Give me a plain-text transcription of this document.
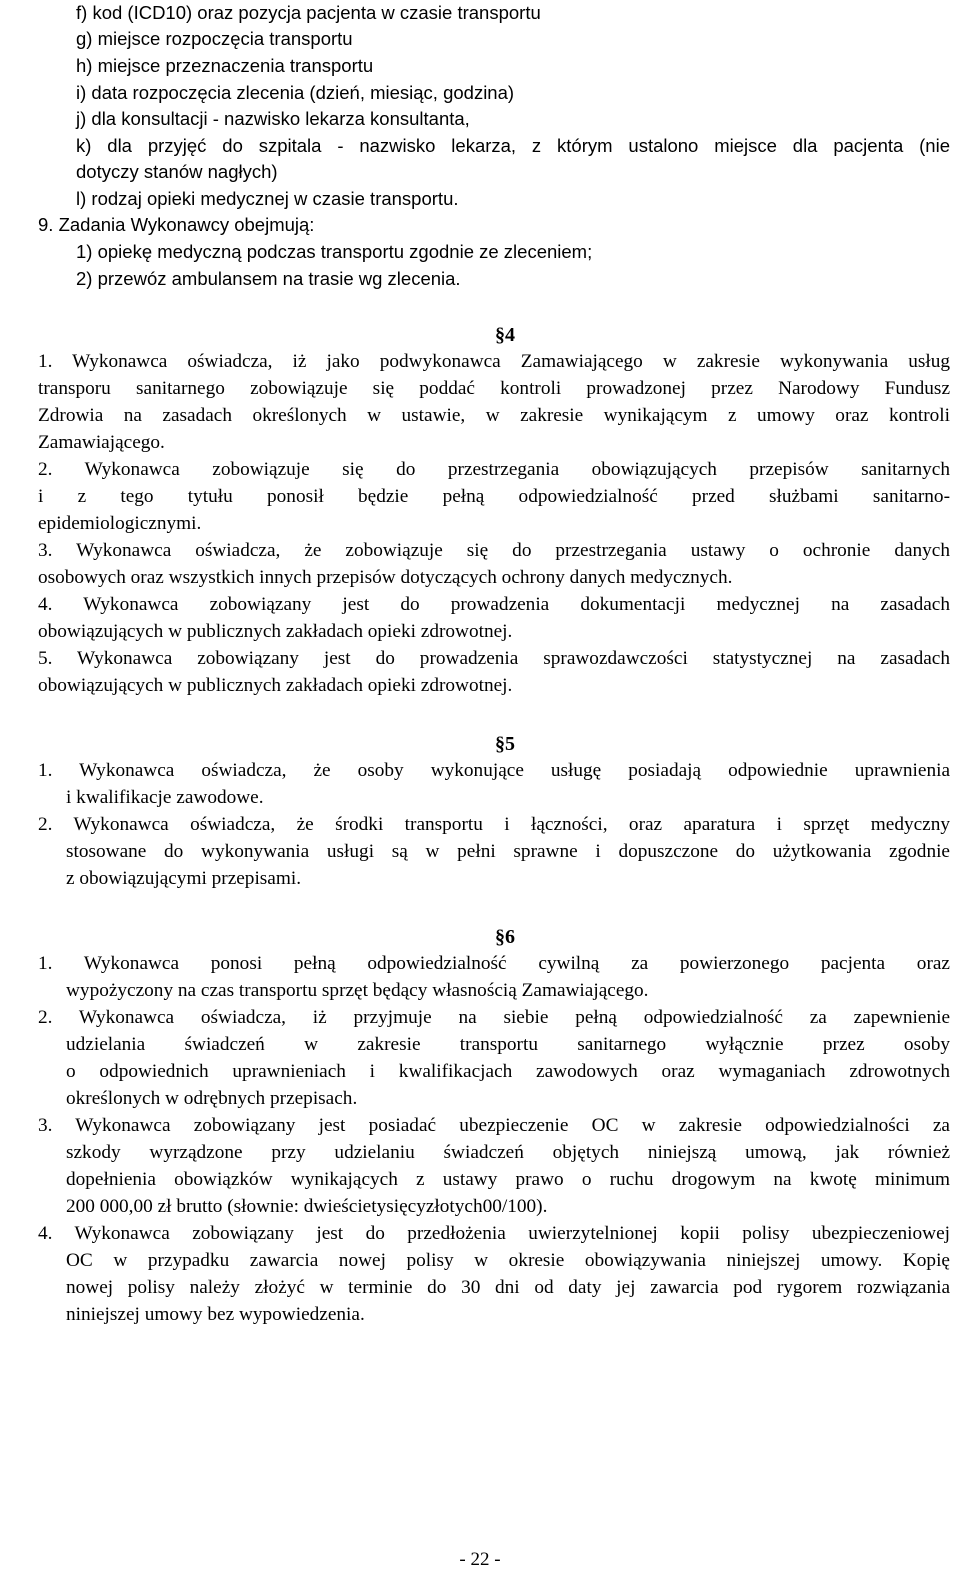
f) kod (ICD10) oraz pozycja pacjenta w czasie transportu
g) miejsce rozpoczęcia transportu
h) miejsce przeznaczenia transportu
i) data rozpoczęcia zlecenia (dzień, miesiąc, godzina)
j) dla konsultacji - nazwisko lekarza konsultanta,
k) dla przyjęć do szpitala - nazwisko lekarza, z którym ustalono miejsce dla pacjenta (nie
dotyczy stanów nagłych)
l) rodzaj opieki medycznej w czasie transportu.
9. Zadania Wykonawcy obejmują:
1) opiekę medyczną podczas transportu zgodnie ze zleceniem;
2) przewóz ambulansem na trasie wg zlecenia.
§4
1. Wykonawca oświadcza, iż jako podwykonawca Zamawiającego w zakresie wykonywania usług
transporu sanitarnego zobowiązuje się poddać kontroli prowadzonej przez Narodowy Fundusz
Zdrowia na zasadach określonych w ustawie, w zakresie wynikającym z umowy oraz kontroli
Zamawiającego.
2. Wykonawca zobowiązuje się do przestrzegania obowiązujących przepisów sanitarnych
i z tego tytułu ponosił będzie pełną odpowiedzialność przed służbami sanitarno-
epidemiologicznymi.
3. Wykonawca oświadcza, że zobowiązuje się do przestrzegania ustawy o ochronie danych
osobowych oraz wszystkich innych przepisów dotyczących ochrony danych medycznych.
4. Wykonawca zobowiązany jest do prowadzenia dokumentacji medycznej na zasadach
obowiązujących w publicznych zakładach opieki zdrowotnej.
5. Wykonawca zobowiązany jest do prowadzenia sprawozdawczości statystycznej na zasadach
obowiązujących w publicznych zakładach opieki zdrowotnej.
§5
1. Wykonawca oświadcza, że osoby wykonujące usługę posiadają odpowiednie uprawnienia
i kwalifikacje zawodowe.
2. Wykonawca oświadcza, że środki transportu i łączności, oraz aparatura i sprzęt medyczny
stosowane do wykonywania usługi są w pełni sprawne i dopuszczone do użytkowania zgodnie
z obowiązującymi przepisami.
§6
1. Wykonawca ponosi pełną odpowiedzialność cywilną za powierzonego pacjenta oraz
wypożyczony na czas transportu sprzęt będący własnością Zamawiającego.
2. Wykonawca oświadcza, iż przyjmuje na siebie pełną odpowiedzialność za zapewnienie
udzielania świadczeń w zakresie transportu sanitarnego wyłącznie przez osoby
o odpowiednich uprawnieniach i kwalifikacjach zawodowych oraz wymaganiach zdrowotnych
określonych w odrębnych przepisach.
3. Wykonawca zobowiązany jest posiadać ubezpieczenie OC w zakresie odpowiedzialności za
szkody wyrządzone przy udzielaniu świadczeń objętych niniejszą umową, jak również
dopełnienia obowiązków wynikających z ustawy prawo o ruchu drogowym na kwotę minimum
200 000,00 zł brutto (słownie: dwieścietysięcyzłotych00/100).
4. Wykonawca zobowiązany jest do przedłożenia uwierzytelnionej kopii polisy ubezpieczeniowej
OC w przypadku zawarcia nowej polisy w okresie obowiązywania niniejszej umowy. Kopię
nowej polisy należy złożyć w terminie do 30 dni od daty jej zawarcia pod rygorem rozwiązania
niniejszej umowy bez wypowiedzenia.
- 22 -
